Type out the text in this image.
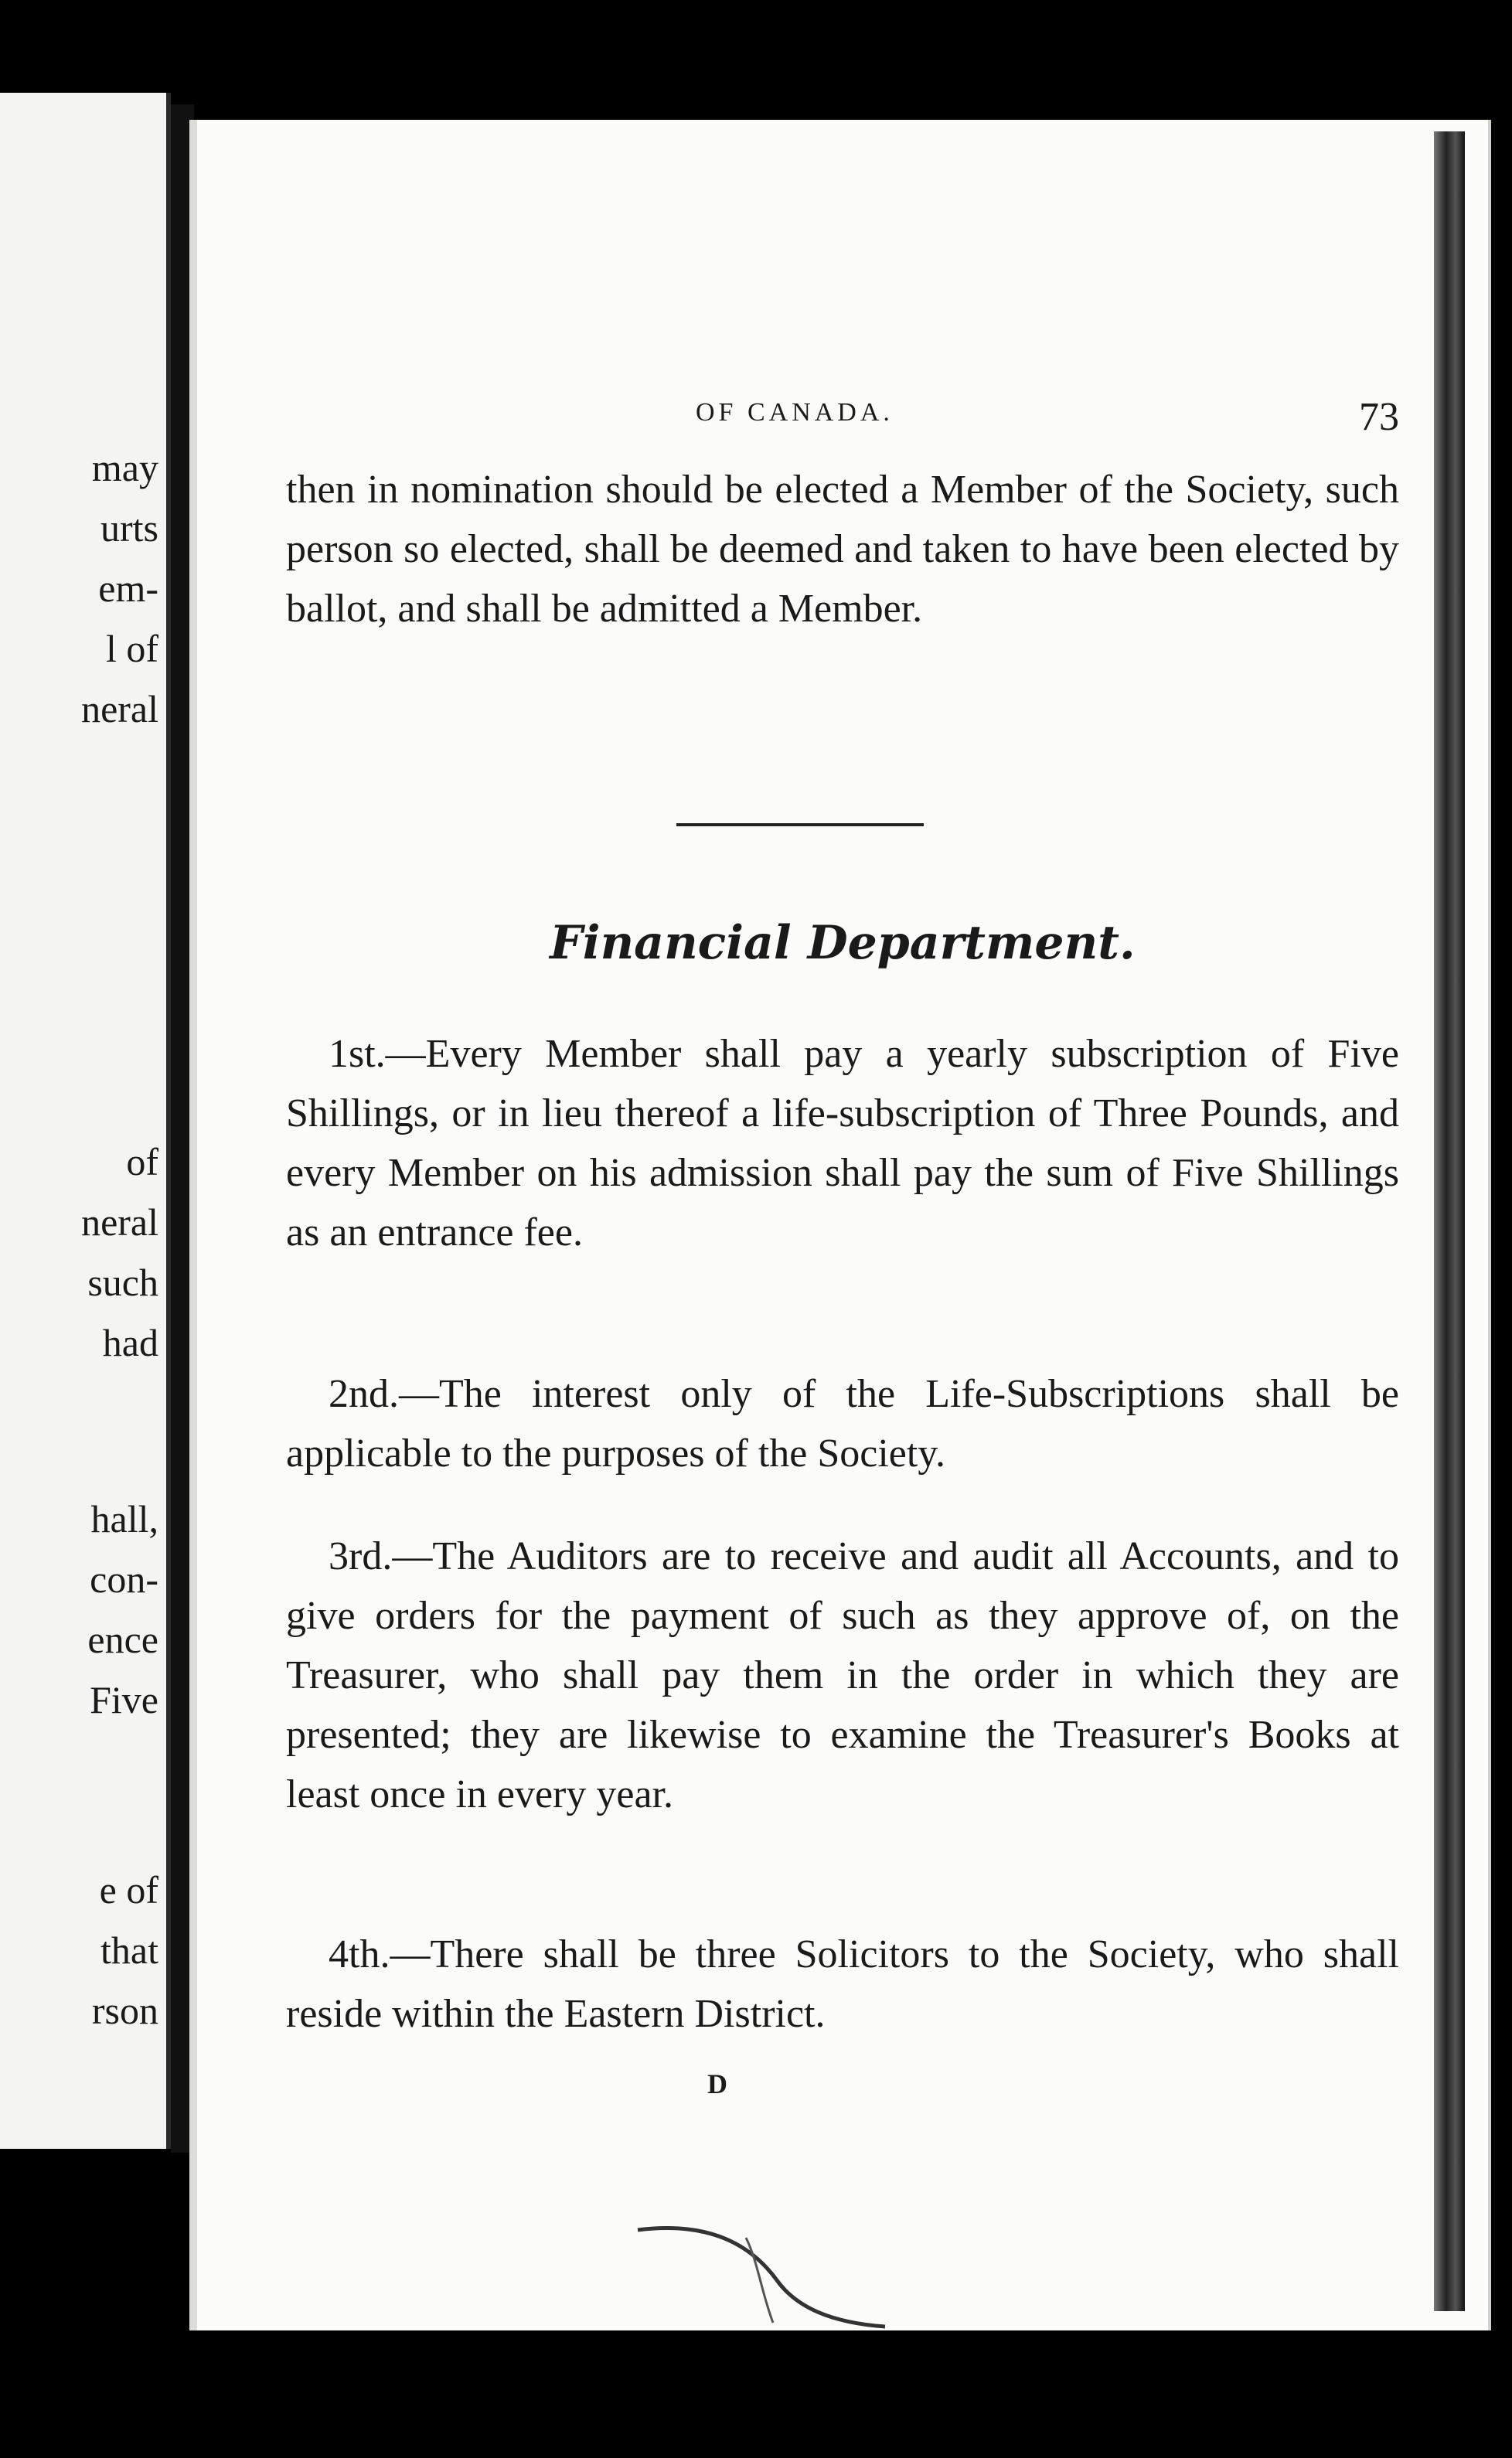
may
urts
em-
l of
neral
of
neral
such
had
hall,
con-
ence
Five
e of
that
rson
OF CANADA.	73

then in nomination should be elected a Member of the Society, such person so elected, shall be deemed and taken to have been elected by ballot, and shall be admitted a Member.

Financial Department.

1st.—Every Member shall pay a yearly subscription of Five Shillings, or in lieu thereof a life-subscription of Three Pounds, and every Member on his admission shall pay the sum of Five Shillings as an entrance fee.

2nd.—The interest only of the Life-Subscriptions shall be applicable to the purposes of the Society.

3rd.—The Auditors are to receive and audit all Accounts, and to give orders for the payment of such as they approve of, on the Treasurer, who shall pay them in the order in which they are presented; they are likewise to examine the Treasurer's Books at least once in every year.

4th.—There shall be three Solicitors to the Society, who shall reside within the Eastern District.

D
